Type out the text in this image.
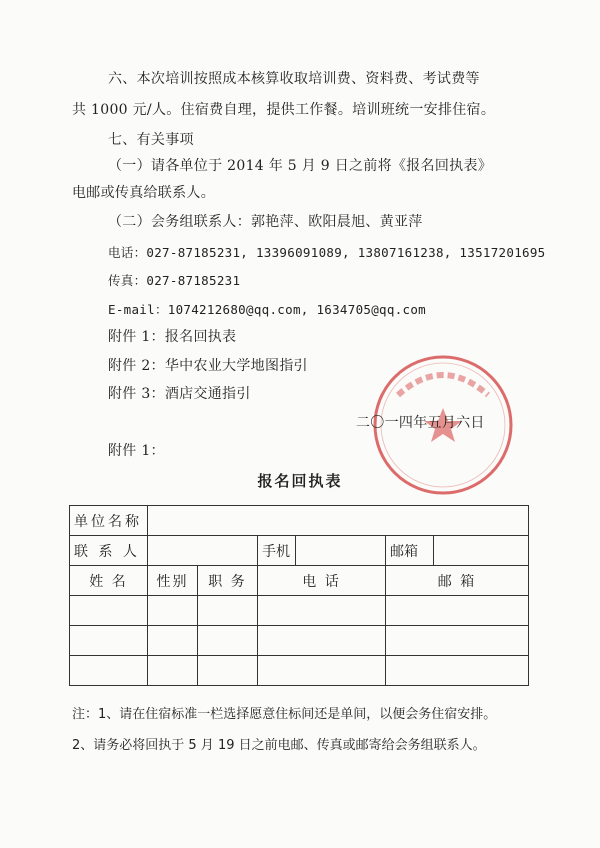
六、本次培训按照成本核算收取培训费、资料费、考试费等
共 1000 元/人。住宿费自理，提供工作餐。培训班统一安排住宿。
七、有关事项
（一）请各单位于 2014 年 5 月 9 日之前将《报名回执表》
电邮或传真给联系人。
（二）会务组联系人：郭艳萍、欧阳晨旭、黄亚萍
电话：027-87185231, 13396091089, 13807161238, 13517201695
传真：027-87185231
E-mail：1074212680@qq.com, 1634705@qq.com
附件 1：报名回执表
附件 2：华中农业大学地图指引
附件 3：酒店交通指引
二〇一四年五月六日
附件 1：
报名回执表
单位名称						
联 系 人			手机		邮箱	
姓 名	性别	职 务	电 话		邮 箱	

注：1、请在住宿标准一栏选择愿意住标间还是单间，以便会务住宿安排。
2、请务必将回执于 5 月 19 日之前电邮、传真或邮寄给会务组联系人。
